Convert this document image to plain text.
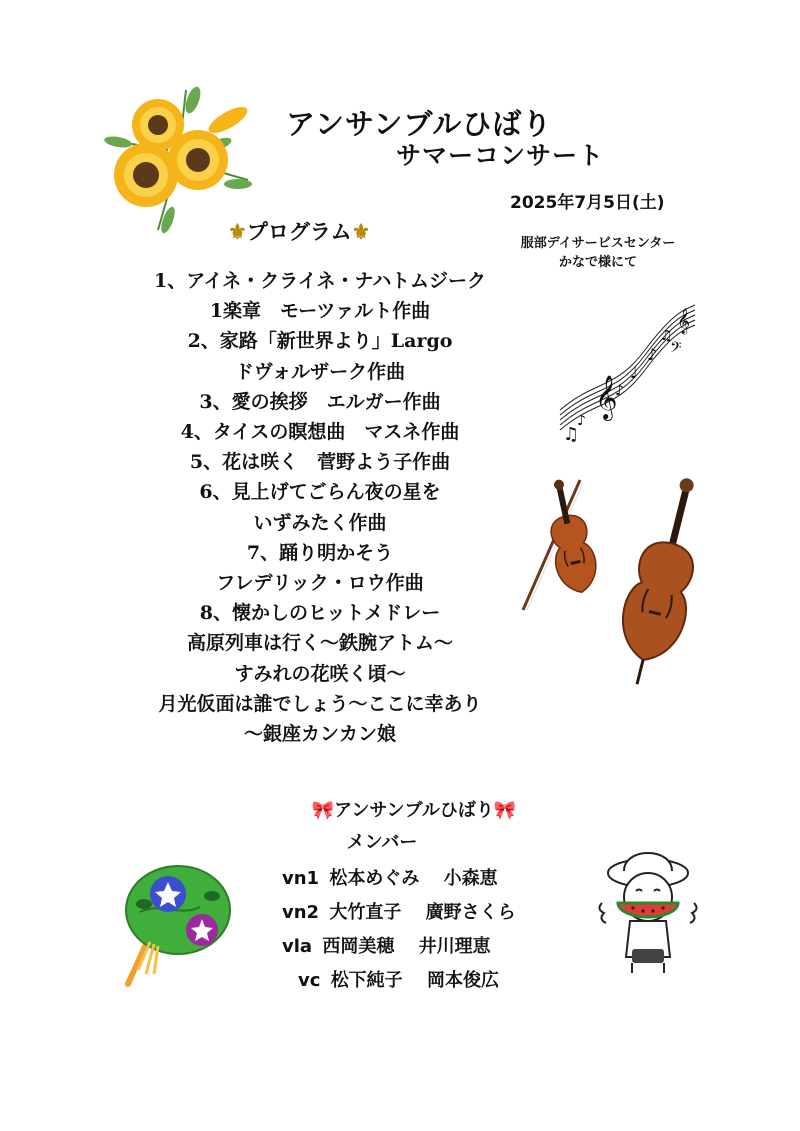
アンサンブルひばり
サマーコンサート
2025年7月5日(土)
服部デイサービスセンター
かなで様にて
⚜プログラム⚜
1、アイネ・クライネ・ナハトムジーク
1楽章　モーツァルト作曲
2、家路「新世界より」Largo
ドヴォルザーク作曲
3、愛の挨拶　エルガー作曲
4、タイスの瞑想曲　マスネ作曲
5、花は咲く　菅野よう子作曲
6、見上げてごらん夜の星を
いずみたく作曲
7、踊り明かそう
フレデリック・ロウ作曲
8、懐かしのヒットメドレー
高原列車は行く〜鉄腕アトム〜
すみれの花咲く頃〜
月光仮面は誰でしょう〜ここに幸あり
〜銀座カンカン娘
𝄞
𝄞
♫
♪
♩
♪
♫
𝄢
♪
🎀アンサンブルひばり🎀
メンバー
vn1 松本めぐみ 小森恵
vn2 大竹直子 廣野さくら
vla 西岡美穂 井川理恵
vc 松下純子 岡本俊広
